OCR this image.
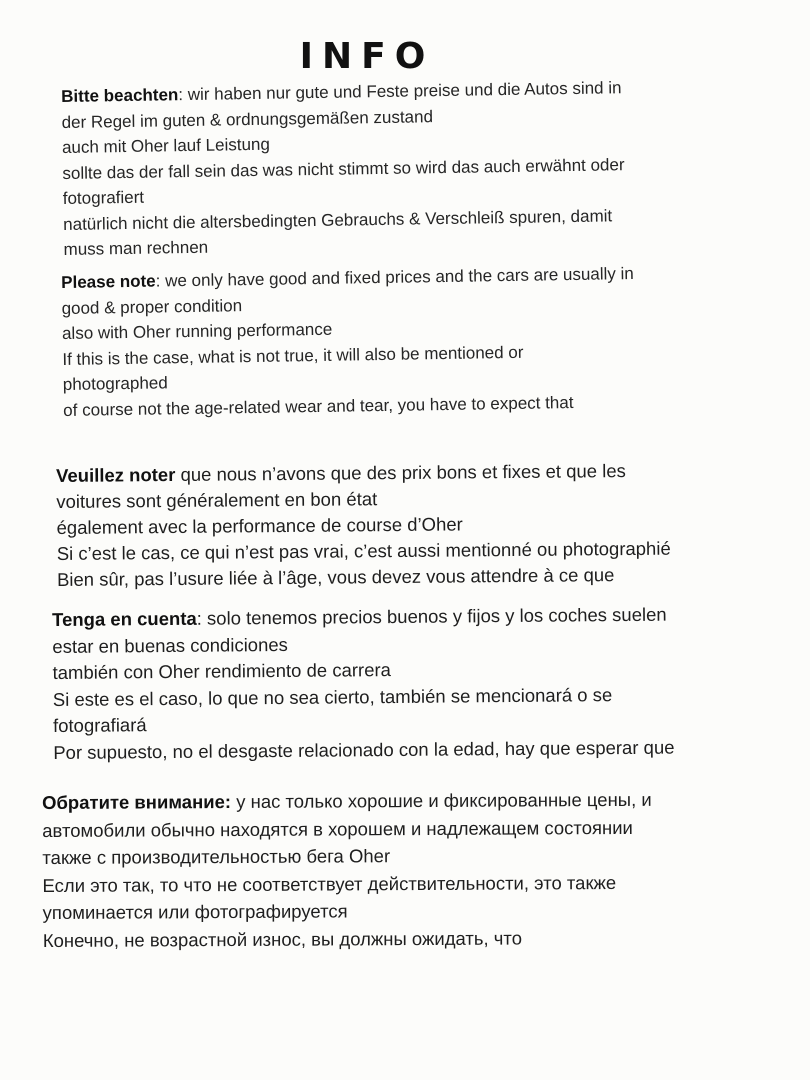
INFO
Bitte beachten: wir haben nur gute und Feste preise und die Autos sind in
der Regel im guten & ordnungsgemäßen zustand
auch mit Oher lauf Leistung
sollte das der fall sein das was nicht stimmt so wird das auch erwähnt oder
fotografiert
natürlich nicht die altersbedingten Gebrauchs & Verschleiß spuren, damit
muss man rechnen
Please note: we only have good and fixed prices and the cars are usually in
good & proper condition
also with Oher running performance
If this is the case, what is not true, it will also be mentioned or
photographed
of course not the age-related wear and tear, you have to expect that
Veuillez noter que nous n’avons que des prix bons et fixes et que les
voitures sont généralement en bon état
également avec la performance de course d’Oher
Si c’est le cas, ce qui n’est pas vrai, c’est aussi mentionné ou photographié
Bien sûr, pas l’usure liée à l’âge, vous devez vous attendre à ce que
Tenga en cuenta: solo tenemos precios buenos y fijos y los coches suelen
estar en buenas condiciones
también con Oher rendimiento de carrera
Si este es el caso, lo que no sea cierto, también se mencionará o se
fotografiará
Por supuesto, no el desgaste relacionado con la edad, hay que esperar que
Обратите внимание: у нас только хорошие и фиксированные цены, и
автомобили обычно находятся в хорошем и надлежащем состоянии
также с производительностью бега Oher
Если это так, то что не соответствует действительности, это также
упоминается или фотографируется
Конечно, не возрастной износ, вы должны ожидать, что
